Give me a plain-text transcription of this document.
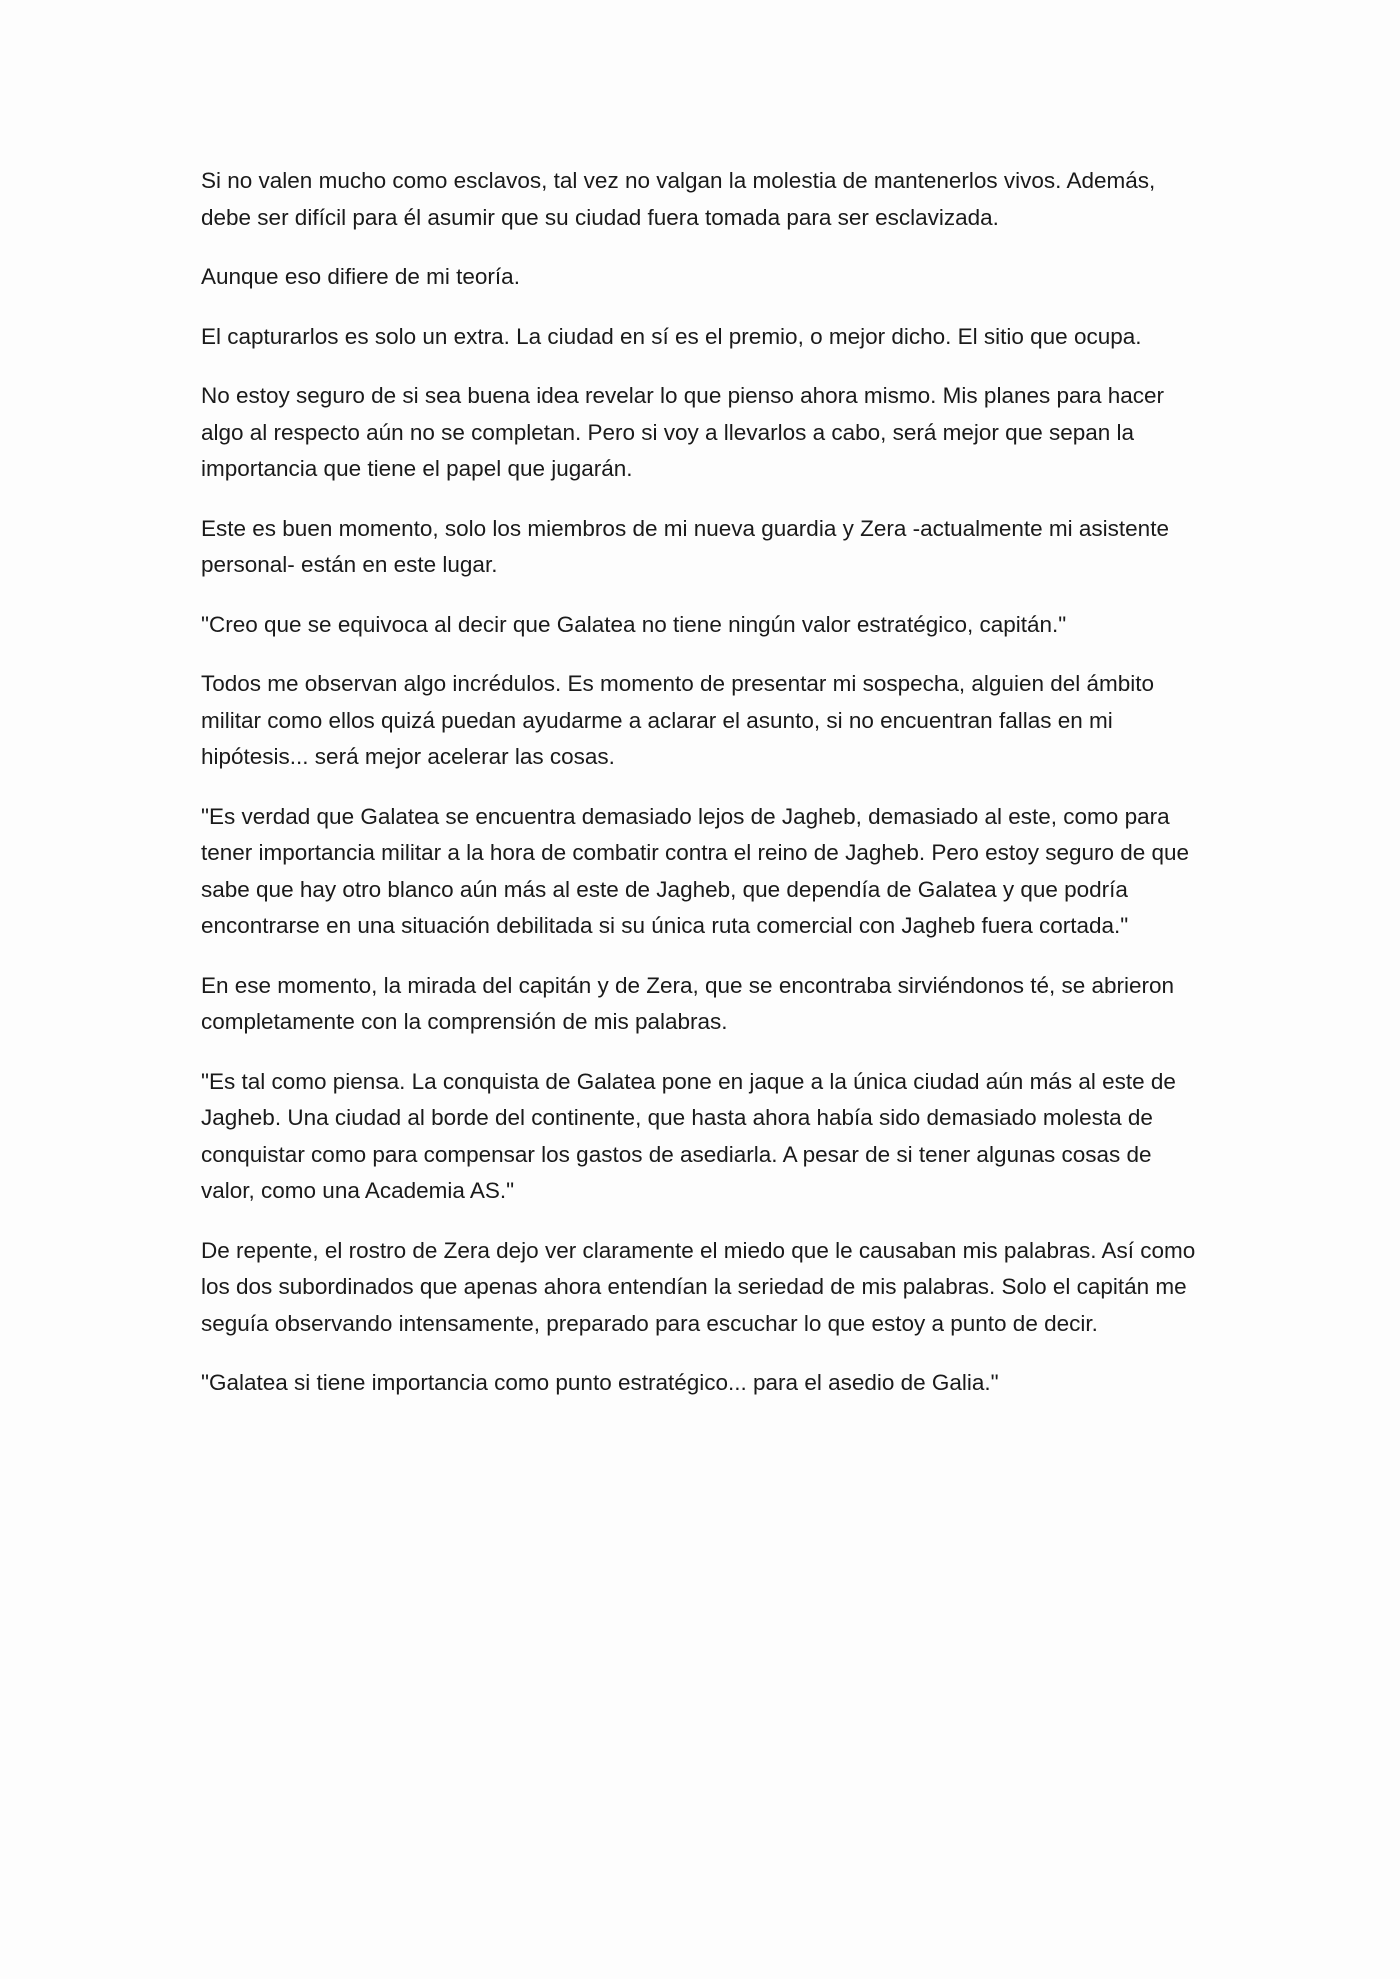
Si no valen mucho como esclavos, tal vez no valgan la molestia de mantenerlos vivos. Además, debe ser difícil para él asumir que su ciudad fuera tomada para ser esclavizada.

Aunque eso difiere de mi teoría.

El capturarlos es solo un extra. La ciudad en sí es el premio, o mejor dicho. El sitio que ocupa.

No estoy seguro de si sea buena idea revelar lo que pienso ahora mismo. Mis planes para hacer algo al respecto aún no se completan. Pero si voy a llevarlos a cabo, será mejor que sepan la importancia que tiene el papel que jugarán.

Este es buen momento, solo los miembros de mi nueva guardia y Zera -actualmente mi asistente personal- están en este lugar.

"Creo que se equivoca al decir que Galatea no tiene ningún valor estratégico, capitán."

Todos me observan algo incrédulos. Es momento de presentar mi sospecha, alguien del ámbito militar como ellos quizá puedan ayudarme a aclarar el asunto, si no encuentran fallas en mi hipótesis... será mejor acelerar las cosas.

"Es verdad que Galatea se encuentra demasiado lejos de Jagheb, demasiado al este, como para tener importancia militar a la hora de combatir contra el reino de Jagheb. Pero estoy seguro de que sabe que hay otro blanco aún más al este de Jagheb, que dependía de Galatea y que podría encontrarse en una situación debilitada si su única ruta comercial con Jagheb fuera cortada."

En ese momento, la mirada del capitán y de Zera, que se encontraba sirviéndonos té, se abrieron completamente con la comprensión de mis palabras.

"Es tal como piensa. La conquista de Galatea pone en jaque a la única ciudad aún más al este de Jagheb. Una ciudad al borde del continente, que hasta ahora había sido demasiado molesta de conquistar como para compensar los gastos de asediarla. A pesar de si tener algunas cosas de valor, como una Academia AS."

De repente, el rostro de Zera dejo ver claramente el miedo que le causaban mis palabras. Así como los dos subordinados que apenas ahora entendían la seriedad de mis palabras. Solo el capitán me seguía observando intensamente, preparado para escuchar lo que estoy a punto de decir.

"Galatea si tiene importancia como punto estratégico... para el asedio de Galia."
